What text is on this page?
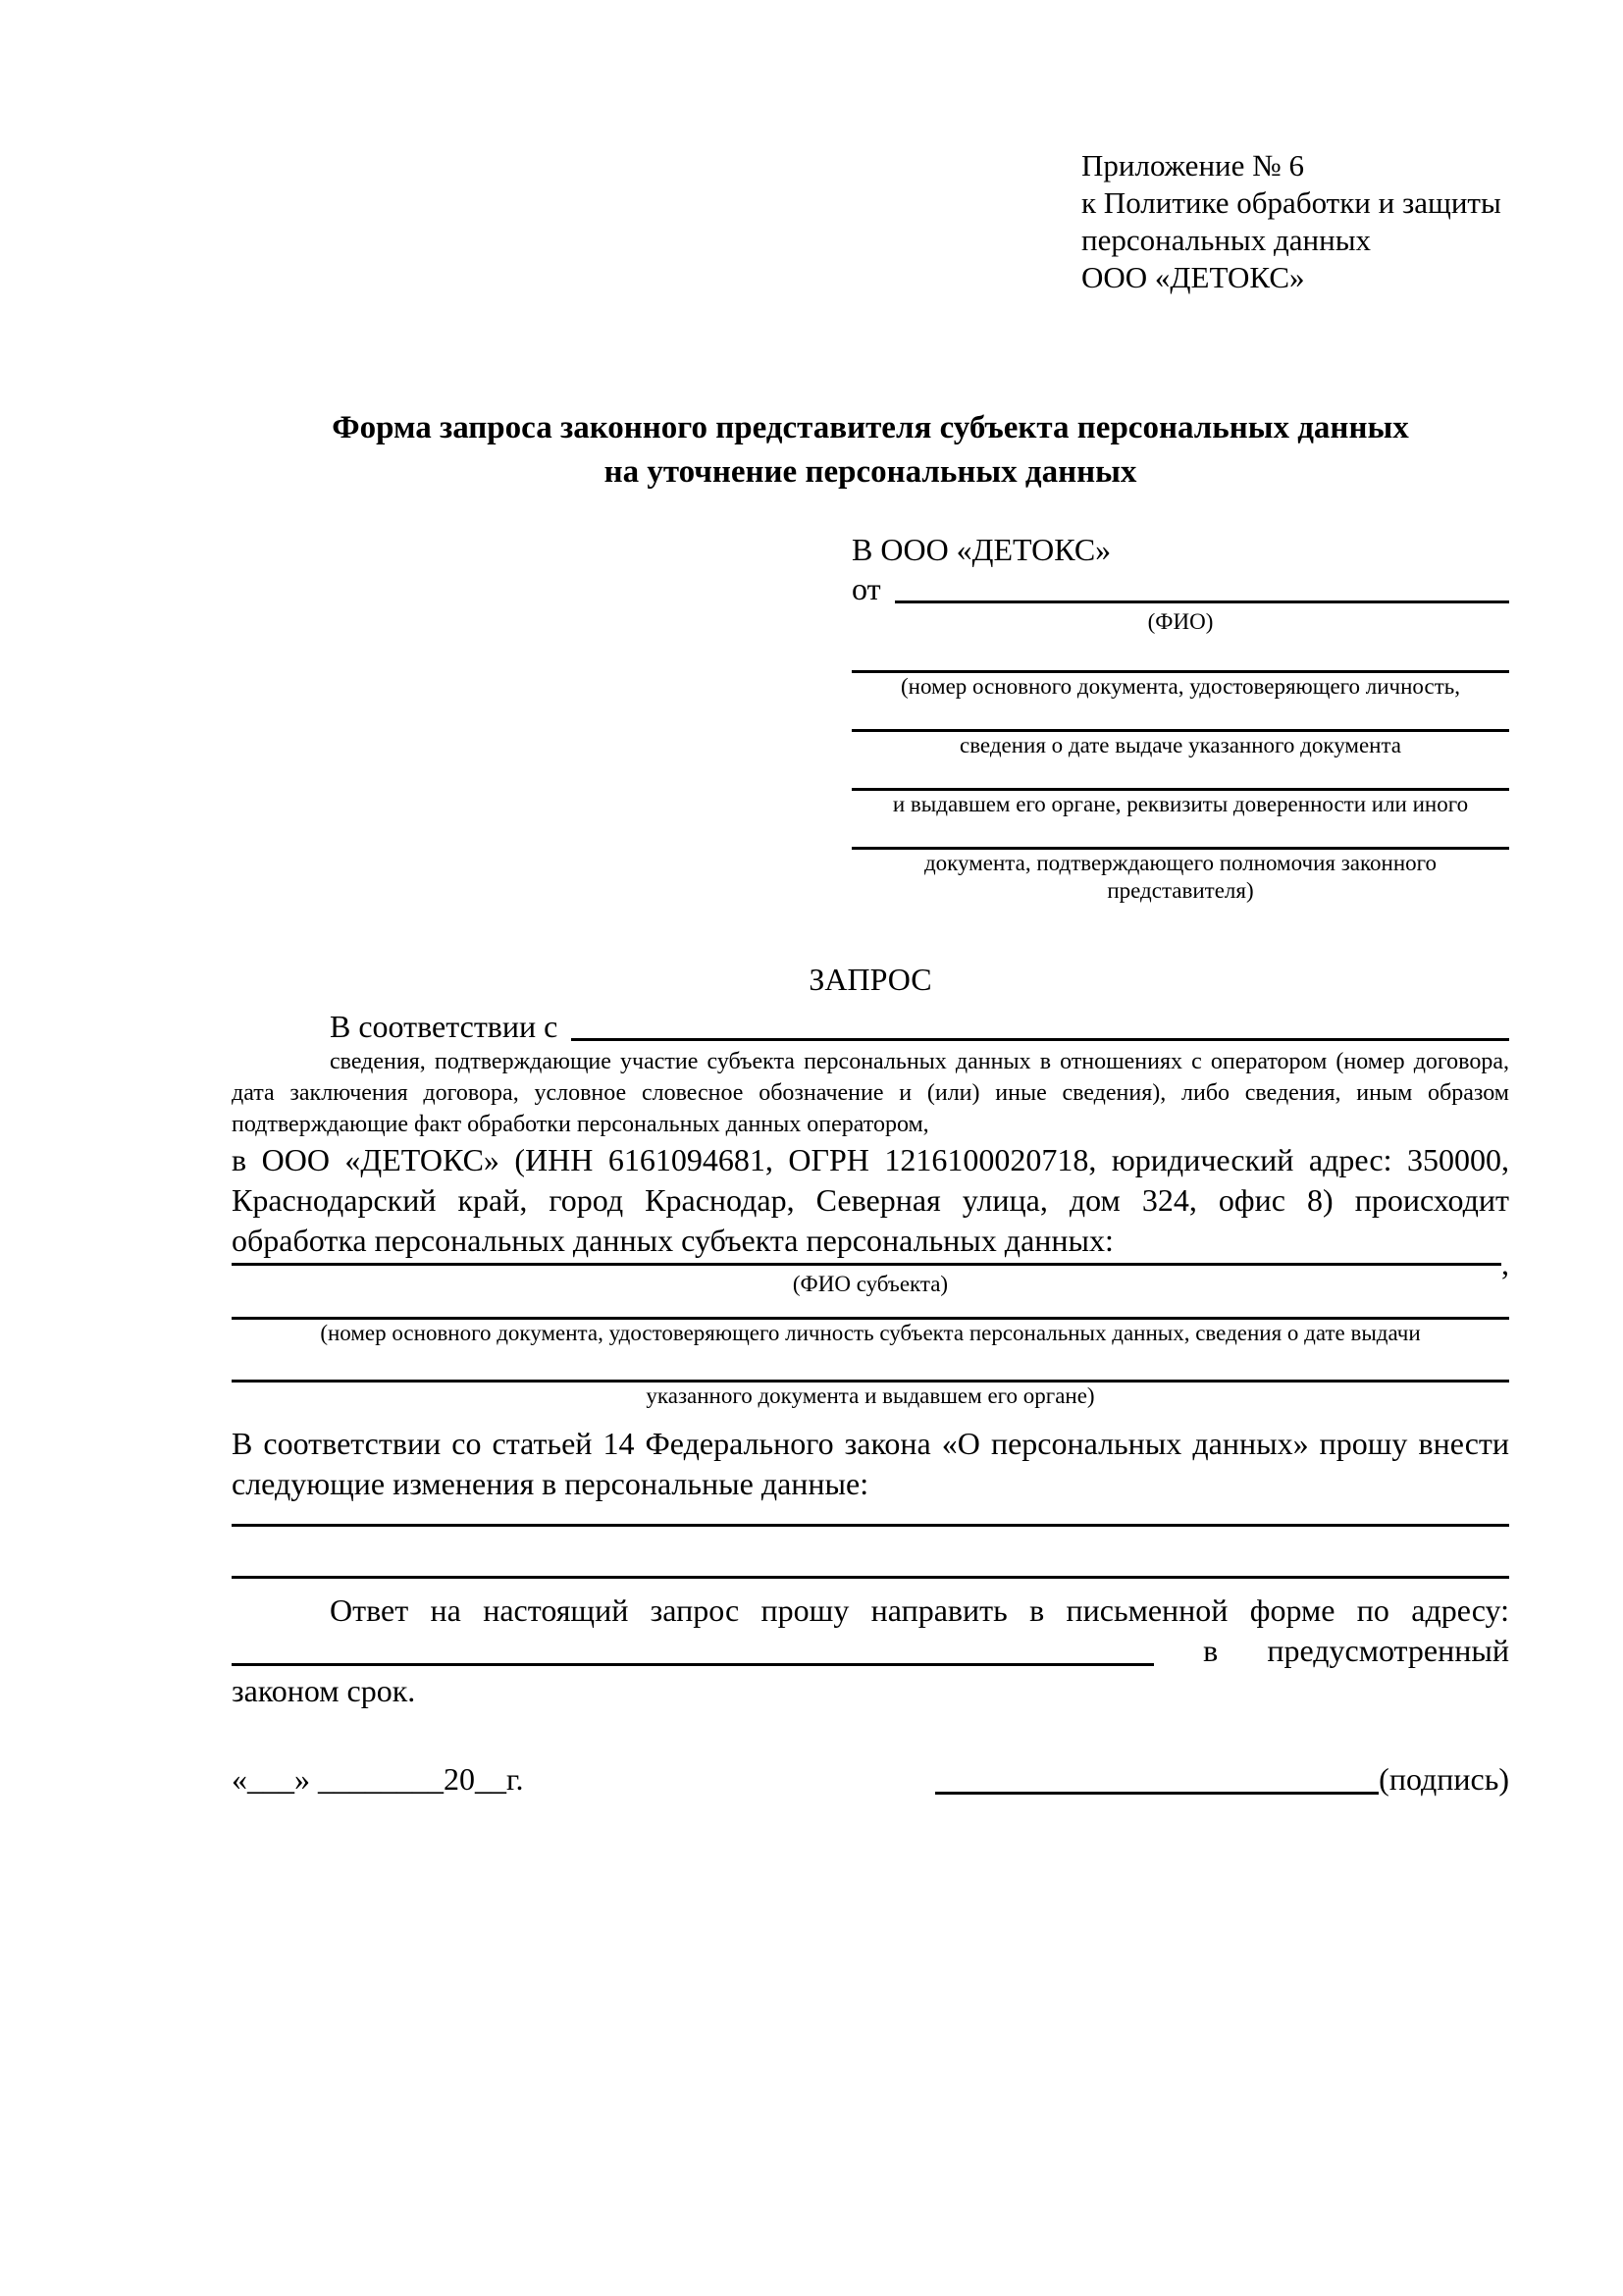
Приложение № 6
к Политике обработки и защиты
персональных данных
ООО «ДЕТОКС»
Форма запроса законного представителя субъекта персональных данных
на уточнение персональных данных
В ООО «ДЕТОКС»
от
(ФИО)
(номер основного документа, удостоверяющего личность,
сведения о дате выдаче указанного документа
и выдавшем его органе, реквизиты доверенности или иного
документа, подтверждающего полномочия законного представителя)
ЗАПРОС
В соответствии с
сведения, подтверждающие участие субъекта персональных данных в отношениях с оператором (номер договора, дата заключения договора, условное словесное обозначение и (или) иные сведения), либо сведения, иным образом подтверждающие факт обработки персональных данных оператором,
в ООО «ДЕТОКС» (ИНН 6161094681, ОГРН 1216100020718, юридический адрес: 350000, Краснодарский край, город Краснодар, Северная улица, дом 324, офис 8) происходит обработка персональных данных субъекта персональных данных:
,
(ФИО субъекта)
(номер основного документа, удостоверяющего личность субъекта персональных данных, сведения о дате выдачи
указанного документа и выдавшем его органе)
В соответствии со статьей 14 Федерального закона «О персональных данных» прошу внести следующие изменения в персональные данные:
Ответ на настоящий запрос прошу направить в письменной форме по адресу:
в предусмотренный
законом срок.
«___» ________20__г.	(подпись)
